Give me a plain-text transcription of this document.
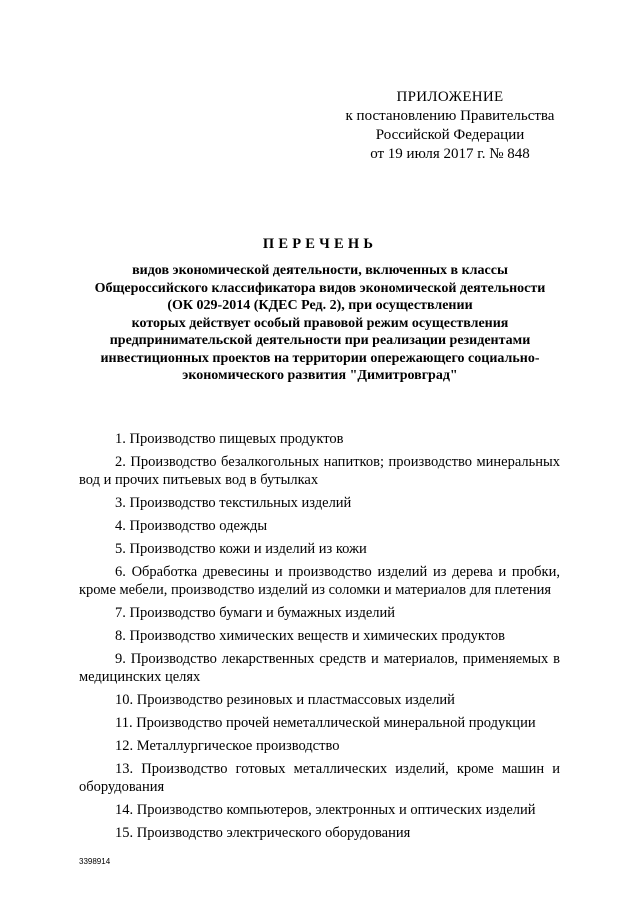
ПРИЛОЖЕНИЕ
к постановлению Правительства
Российской Федерации
от 19 июля 2017 г. № 848
ПЕРЕЧЕНЬ
видов экономической деятельности, включенных в классы
Общероссийского классификатора видов экономической деятельности
(ОК 029-2014 (КДЕС Ред. 2), при осуществлении
которых действует особый правовой режим осуществления
предпринимательской деятельности при реализации резидентами
инвестиционных проектов на территории опережающего социально-
экономического развития "Димитровград"
1. Производство пищевых продуктов
2. Производство безалкогольных напитков; производство минеральных вод и прочих питьевых вод в бутылках
3. Производство текстильных изделий
4. Производство одежды
5. Производство кожи и изделий из кожи
6. Обработка древесины и производство изделий из дерева и пробки, кроме мебели, производство изделий из соломки и материалов для плетения
7. Производство бумаги и бумажных изделий
8. Производство химических веществ и химических продуктов
9. Производство лекарственных средств и материалов, применяемых в медицинских целях
10. Производство резиновых и пластмассовых изделий
11. Производство прочей неметаллической минеральной продукции
12. Металлургическое производство
13. Производство готовых металлических изделий, кроме машин и оборудования
14. Производство компьютеров, электронных и оптических изделий
15. Производство электрического оборудования
3398914
